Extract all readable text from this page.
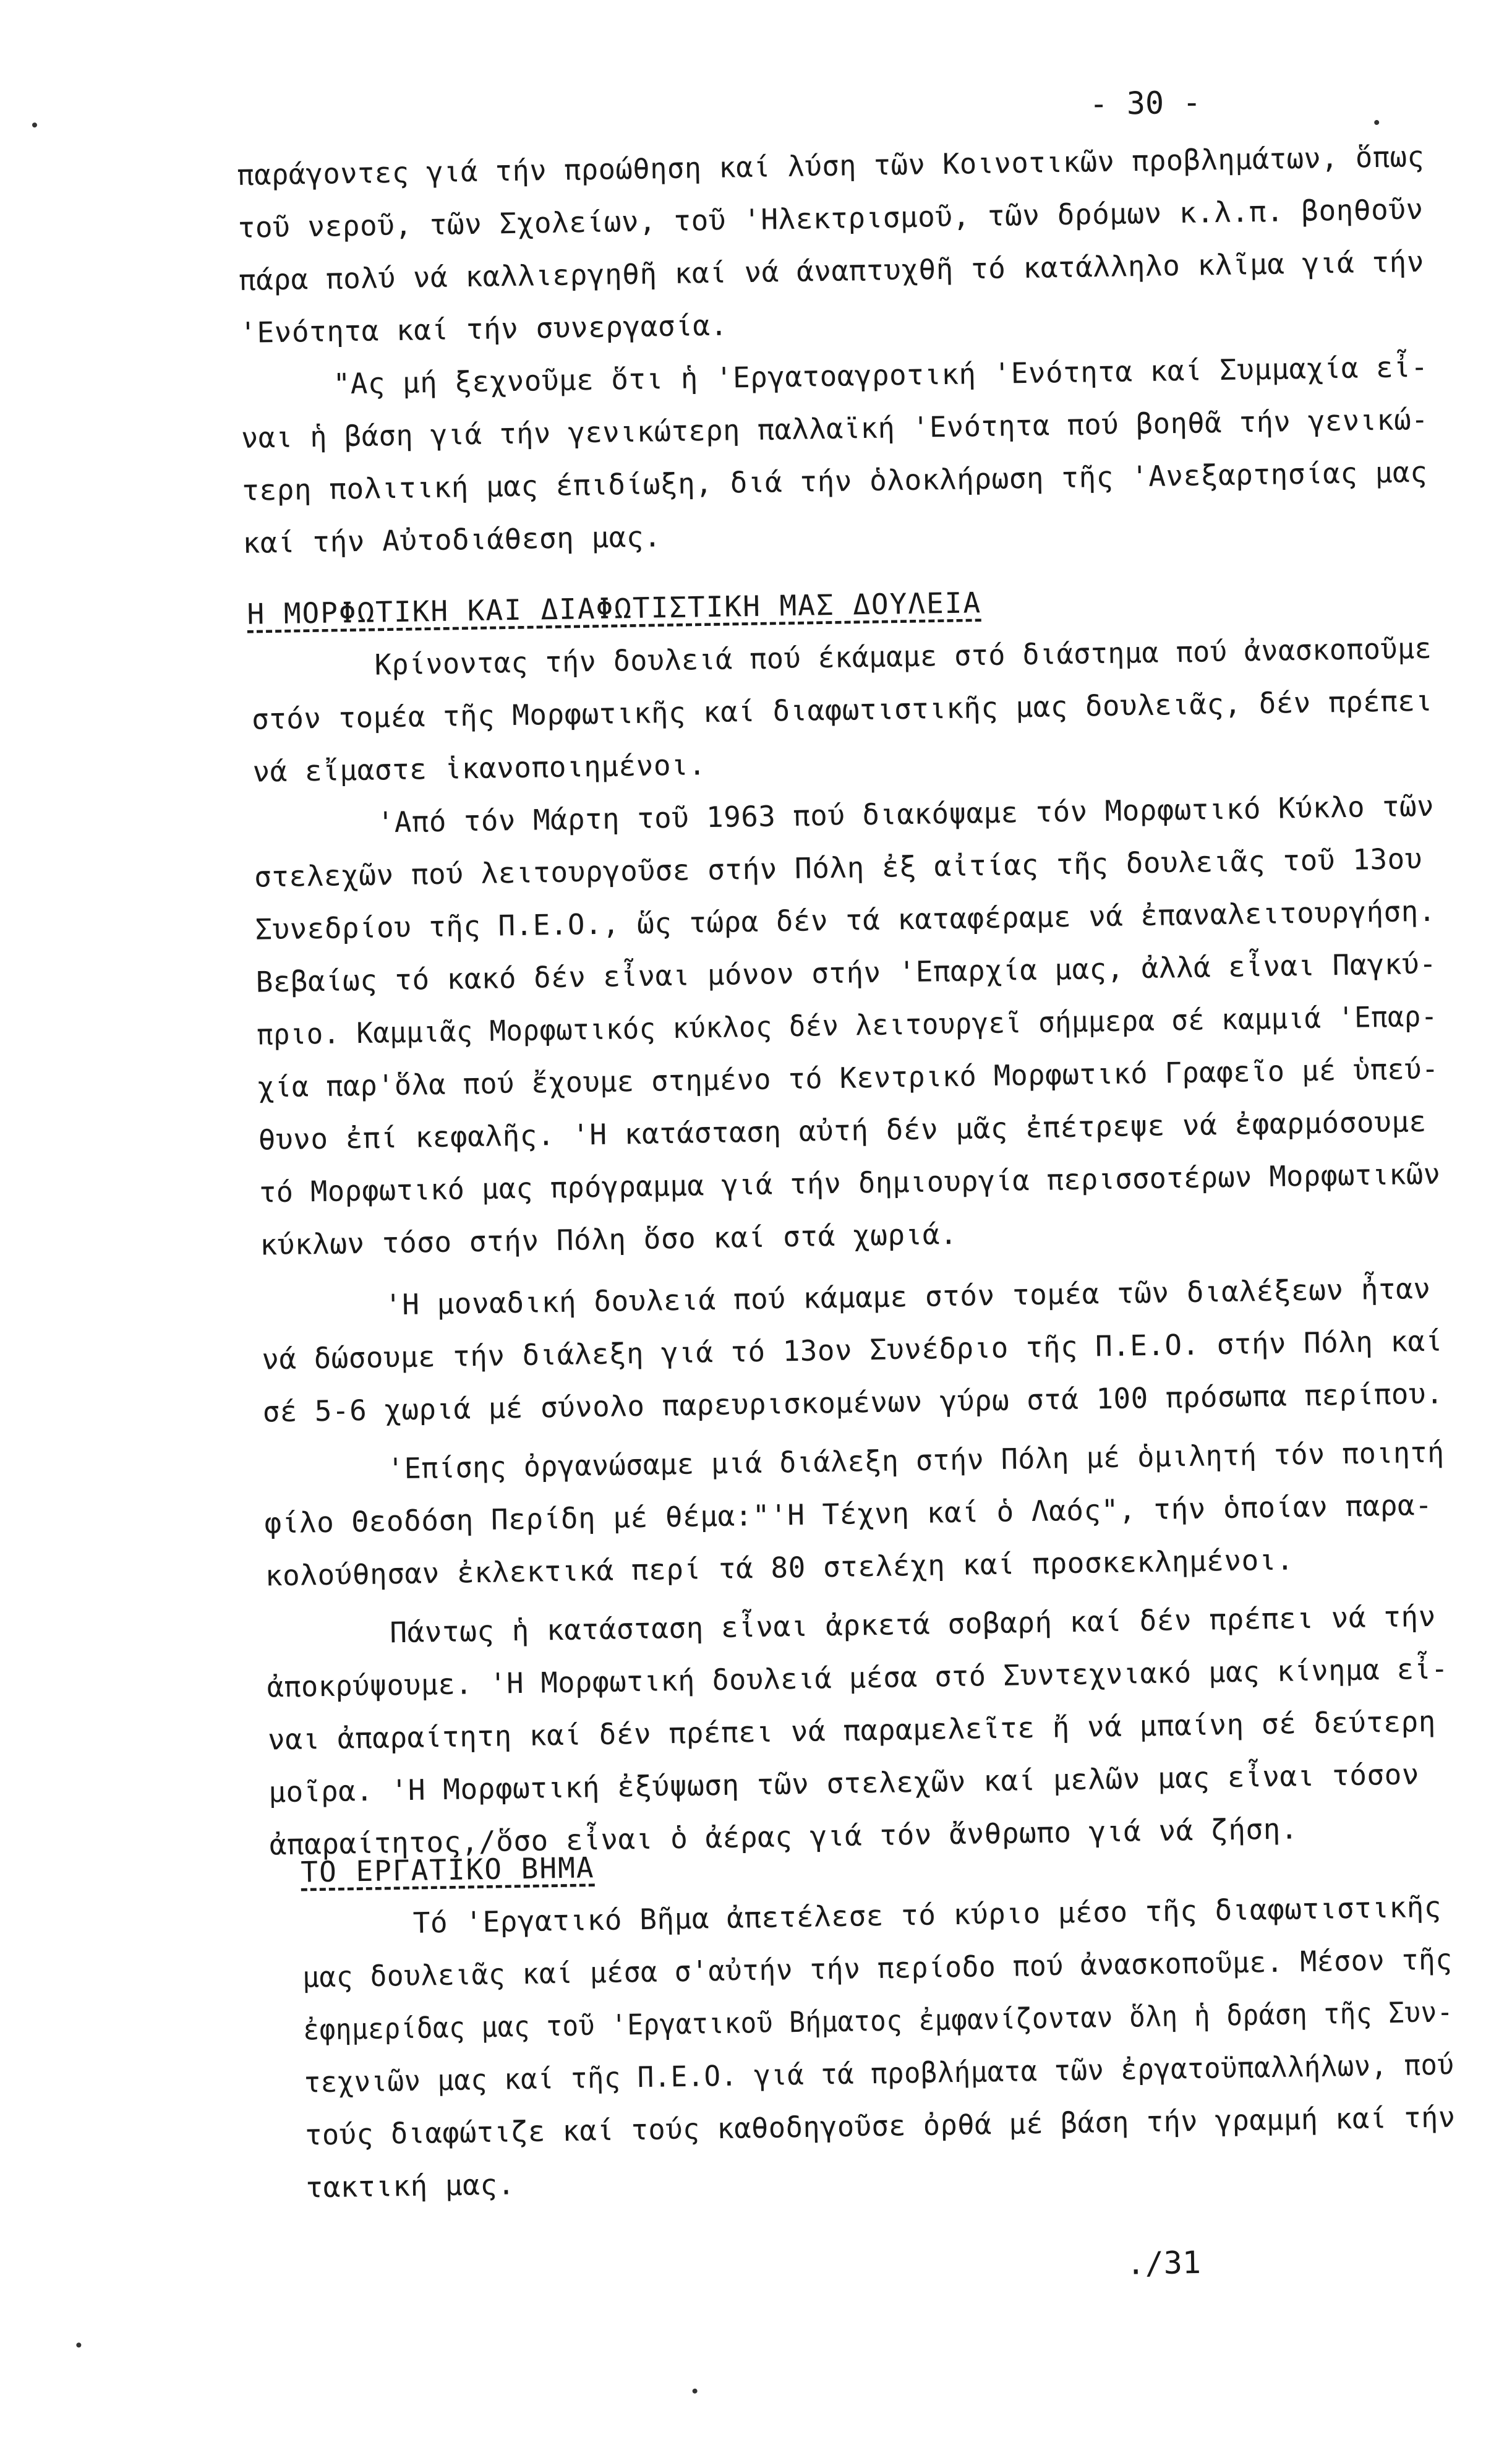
- 30 -
παράγοντες γιά τήν προώθηση καί λύση τῶν Κοινοτικῶν προβλημάτων, ὅπως
τοῦ νεροῦ, τῶν Σχολείων, τοῦ 'Ηλεκτρισμοῦ, τῶν δρόμων κ.λ.π. βοηθοῦν
πάρα πολύ νά καλλιεργηθῆ καί νά άναπτυχθῆ τό κατάλληλο κλῖμα γιά τήν
'Ενότητα καί τήν συνεργασία.
"Ας μή ξεχνοῦμε ὅτι ἡ 'Εργατοαγροτική 'Ενότητα καί Συμμαχία εἶ-
ναι ἡ βάση γιά τήν γενικώτερη παλλαϊκή 'Ενότητα πού βοηθᾶ τήν γενικώ-
τερη πολιτική μας έπιδίωξη, διά τήν ὁλοκλήρωση τῆς 'Ανεξαρτησίας μας
καί τήν Αὐτοδιάθεση μας.
Η ΜΟΡΦΩΤΙΚΗ ΚΑΙ ΔΙΑΦΩΤΙΣΤΙΚΗ ΜΑΣ ΔΟΥΛΕΙΑ
Κρίνοντας τήν δουλειά πού έκάμαμε στό διάστημα πού ἀνασκοποῦμε
στόν τομέα τῆς Μορφωτικῆς καί διαφωτιστικῆς μας δουλειᾶς, δέν πρέπει
νά εἴμαστε ἱκανοποιημένοι.
'Από τόν Μάρτη τοῦ 1963 πού διακόψαμε τόν Μορφωτικό Κύκλο τῶν
στελεχῶν πού λειτουργοῦσε στήν Πόλη ἐξ αἰτίας τῆς δουλειᾶς τοῦ 13ου
Συνεδρίου τῆς Π.Ε.Ο., ὥς τώρα δέν τά καταφέραμε νά ἐπαναλειτουργήση.
Βεβαίως τό κακό δέν εἶναι μόνον στήν 'Επαρχία μας, ἀλλά εἶναι Παγκύ-
πριο. Καμμιᾶς Μορφωτικός κύκλος δέν λειτουργεῖ σήμμερα σέ καμμιά 'Επαρ-
χία παρ'ὅλα πού ἔχουμε στημένο τό Κεντρικό Μορφωτικό Γραφεῖο μέ ὑπεύ-
θυνο ἐπί κεφαλῆς. 'Η κατάσταση αὐτή δέν μᾶς ἐπέτρεψε νά ἐφαρμόσουμε
τό Μορφωτικό μας πρόγραμμα γιά τήν δημιουργία περισσοτέρων Μορφωτικῶν
κύκλων τόσο στήν Πόλη ὅσο καί στά χωριά.
'Η μοναδική δουλειά πού κάμαμε στόν τομέα τῶν διαλέξεων ἦταν
νά δώσουμε τήν διάλεξη γιά τό 13ον Συνέδριο τῆς Π.Ε.Ο. στήν Πόλη καί
σέ 5-6 χωριά μέ σύνολο παρευρισκομένων γύρω στά 100 πρόσωπα περίπου.
'Επίσης ὀργανώσαμε μιά διάλεξη στήν Πόλη μέ ὁμιλητή τόν ποιητή
φίλο Θεοδόση Περίδη μέ θέμα:"'Η Τέχνη καί ὁ Λαός", τήν ὁποίαν παρα-
κολούθησαν ἐκλεκτικά περί τά 80 στελέχη καί προσκεκλημένοι.
Πάντως ἡ κατάσταση εἶναι ἀρκετά σοβαρή καί δέν πρέπει νά τήν
ἀποκρύψουμε. 'Η Μορφωτική δουλειά μέσα στό Συντεχνιακό μας κίνημα εἶ-
ναι ἀπαραίτητη καί δέν πρέπει νά παραμελεῖτε ἤ νά μπαίνη σέ δεύτερη
μοῖρα. 'Η Μορφωτική ἐξύψωση τῶν στελεχῶν καί μελῶν μας εἶναι τόσον
ἀπαραίτητος,/ὅσο εἶναι ὁ ἀέρας γιά τόν ἄνθρωπο γιά νά ζήση.
ΤΟ ΕΡΓΑΤΙΚΟ ΒΗΜΑ
Τό 'Εργατικό Βῆμα ἀπετέλεσε τό κύριο μέσο τῆς διαφωτιστικῆς
μας δουλειᾶς καί μέσα σ'αὐτήν τήν περίοδο πού ἀνασκοποῦμε. Μέσον τῆς
ἐφημερίδας μας τοῦ 'Εργατικοῦ Βήματος ἐμφανίζονταν ὅλη ἡ δράση τῆς Συν-
τεχνιῶν μας καί τῆς Π.Ε.Ο. γιά τά προβλήματα τῶν ἐργατοϋπαλλήλων, πού
τούς διαφώτιζε καί τούς καθοδηγοῦσε ὀρθά μέ βάση τήν γραμμή καί τήν
τακτική μας.
./31
